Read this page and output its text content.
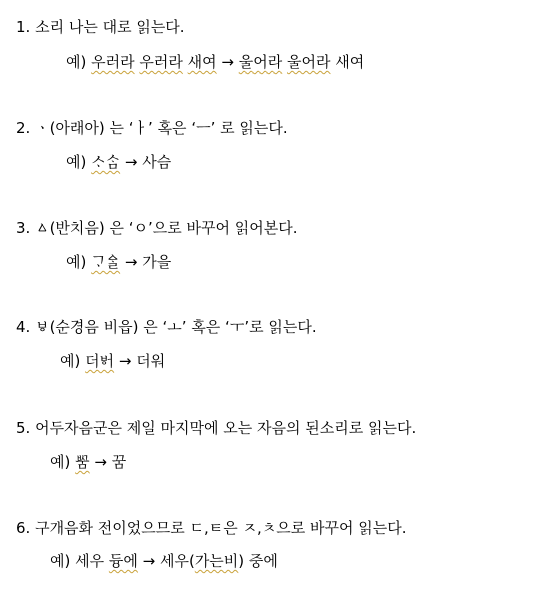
1. 소리 나는 대로 읽는다.
예) 우러라 우러라 새여 → 울어라 울어라 새여
2. ㆍ(아래아) 는 ‘ㅏ’ 혹은 ‘ㅡ’ 로 읽는다.
예) ᄉᆞᄉᆞᆷ → 사슴
3. ㅿ(반치음) 은 ‘ㅇ’으로 바꾸어 읽어본다.
예) ᄀᆞᅀᆞᆯ → 가을
4. ㅸ(순경음 비읍) 은 ‘ㅗ’ 혹은 ‘ㅜ’로 읽는다.
예) 더ᄫᅥ → 더워
5. 어두자음군은 제일 마지막에 오는 자음의 된소리로 읽는다.
예) ᄢᅮᆷ → 꿈
6. 구개음화 전이었으므로 ㄷ,ㅌ은 ㅈ,ㅊ으로 바꾸어 읽는다.
예) 세우 듕에 → 세우(가는비) 중에
